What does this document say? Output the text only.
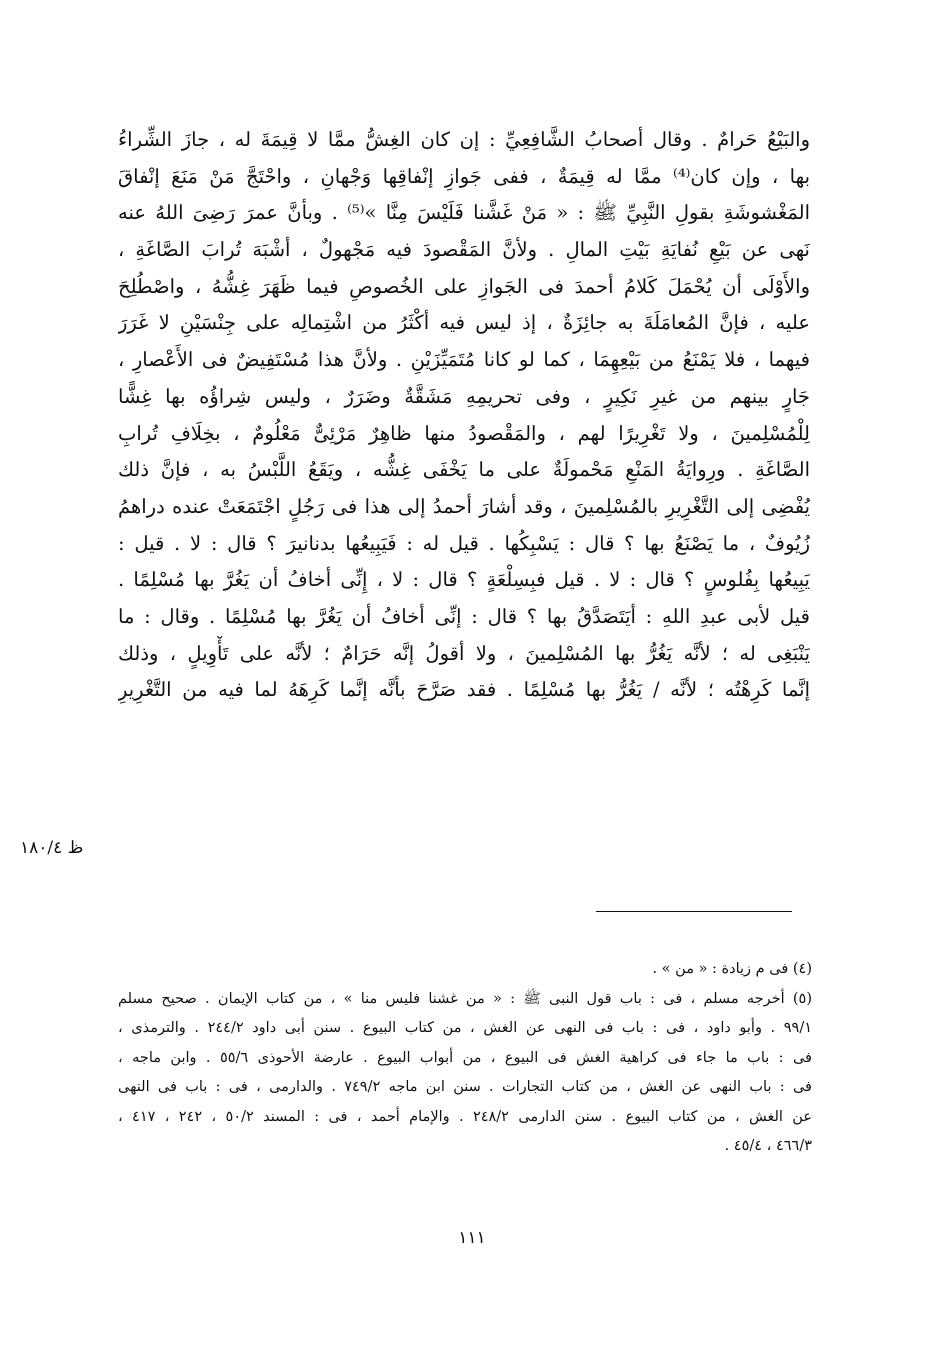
والبَيْعُ حَرامٌ . وقال أصحابُ الشَّافِعِيِّ : إن كان الغِشُّ ممَّا لا قِيمَةَ له ، جازَ الشِّراءُ
بها ، وإن كان⁽⁴⁾ ممَّا له قِيمَةٌ ، ففى جَوازِ إنْفاقِها وَجْهانِ ، واحْتَجَّ مَنْ مَنَعَ إنْفاقَ
المَغْشوشَةِ بقولِ النَّبِيِّ ﷺ : « مَنْ غَشَّنا فَلَيْسَ مِنَّا »⁽⁵⁾ . وبأنَّ عمرَ رَضِىَ اللهُ عنه
نَهى عن بَيْعِ نُفايَةِ بَيْتِ المالِ . ولأنَّ المَقْصودَ فيه مَجْهولٌ ، أشْبَهَ تُرابَ الصَّاغَةِ ،
والأَوْلَى أن يُحْمَلَ كَلامُ أحمدَ فى الجَوازِ على الخُصوصِ فيما ظَهَرَ غِشُّهُ ، واصْطُلِحَ
عليه ، فإنَّ المُعامَلَةَ به جائِزَةٌ ، إذ ليس فيه أكْثَرُ من اشْتِمالِه على جِنْسَيْنِ لا غَرَرَ
فيهما ، فلا يَمْنَعُ من بَيْعِهِمَا ، كما لو كانا مُتَمَيِّزَيْنِ . ولأنَّ هذا مُسْتَفِيضٌ فى الأَعْصارِ ،
جَارٍ بينهم من غيرِ نَكِيرٍ ، وفى تحريمِهِ مَشَقَّةٌ وضَرَرٌ ، وليس شِراؤُه بها غِشًّا
لِلْمُسْلِمينَ ، ولا تَغْرِيرًا لهم ، والمَقْصودُ منها ظاهِرٌ مَرْئِىٌّ مَعْلُومٌ ، بخِلَافِ تُرابِ
الصَّاغَةِ . ورِوايَةُ المَنْعِ مَحْمولَةٌ على ما يَخْفَى غِشُّه ، ويَقَعُ اللَّبْسُ به ، فإنَّ ذلك
يُفْضِى إلى التَّغْرِيرِ بالمُسْلِمينَ ، وقد أشارَ أحمدُ إلى هذا فى رَجُلٍ اجْتَمَعَتْ عنده دراهمُ
زُيُوفٌ ، ما يَصْنَعُ بها ؟ قال : يَسْبِكُها . قيل له : فَيَبِيعُها بدنانيرَ ؟ قال : لا . قيل :
يَبِيعُها بِفُلوسٍ ؟ قال : لا . قيل فبِسِلْعَةٍ ؟ قال : لا ، إِنِّى أخافُ أن يَغُرَّ بها مُسْلِمًا .
قيل لأبى عبدِ اللهِ : أيَتَصَدَّقُ بها ؟ قال : إنِّى أخافُ أن يَغُرَّ بها مُسْلِمًا . وقال : ما
يَنْبَغِى له ؛ لأنَّه يَغُرُّ بها المُسْلِمينَ ، ولا أقولُ إنَّه حَرَامٌ ؛ لأنَّه على تَأْوِيلٍ ، وذلك
إنَّما كَرِهْتُه ؛ لأنَّه / يَغُرُّ بها مُسْلِمًا . فقد صَرَّحَ بأنَّه إنَّما كَرِهَهُ لما فيه من التَّغْرِيرِ
ظ ١٨٠/٤
(٤) فى م زيادة : « من » .
(٥) أخرجه مسلم ، فى : باب قول النبى ﷺ : « من غشنا فليس منا » ، من كتاب الإيمان . صحيح مسلم
٩٩/١ . وأبو داود ، فى : باب فى النهى عن الغش ، من كتاب البيوع . سنن أبى داود ٢٤٤/٢ . والترمذى ،
فى : باب ما جاء فى كراهية الغش فى البيوع ، من أبواب البيوع . عارضة الأحوذى ٥٥/٦ . وابن ماجه ،
فى : باب النهى عن الغش ، من كتاب التجارات . سنن ابن ماجه ٧٤٩/٢ . والدارمى ، فى : باب فى النهى
عن الغش ، من كتاب البيوع . سنن الدارمى ٢٤٨/٢ . والإمام أحمد ، فى : المسند ٥٠/٢ ، ٢٤٢ ، ٤١٧ ،
٤٦٦/٣ ، ٤٥/٤ .
١١١
